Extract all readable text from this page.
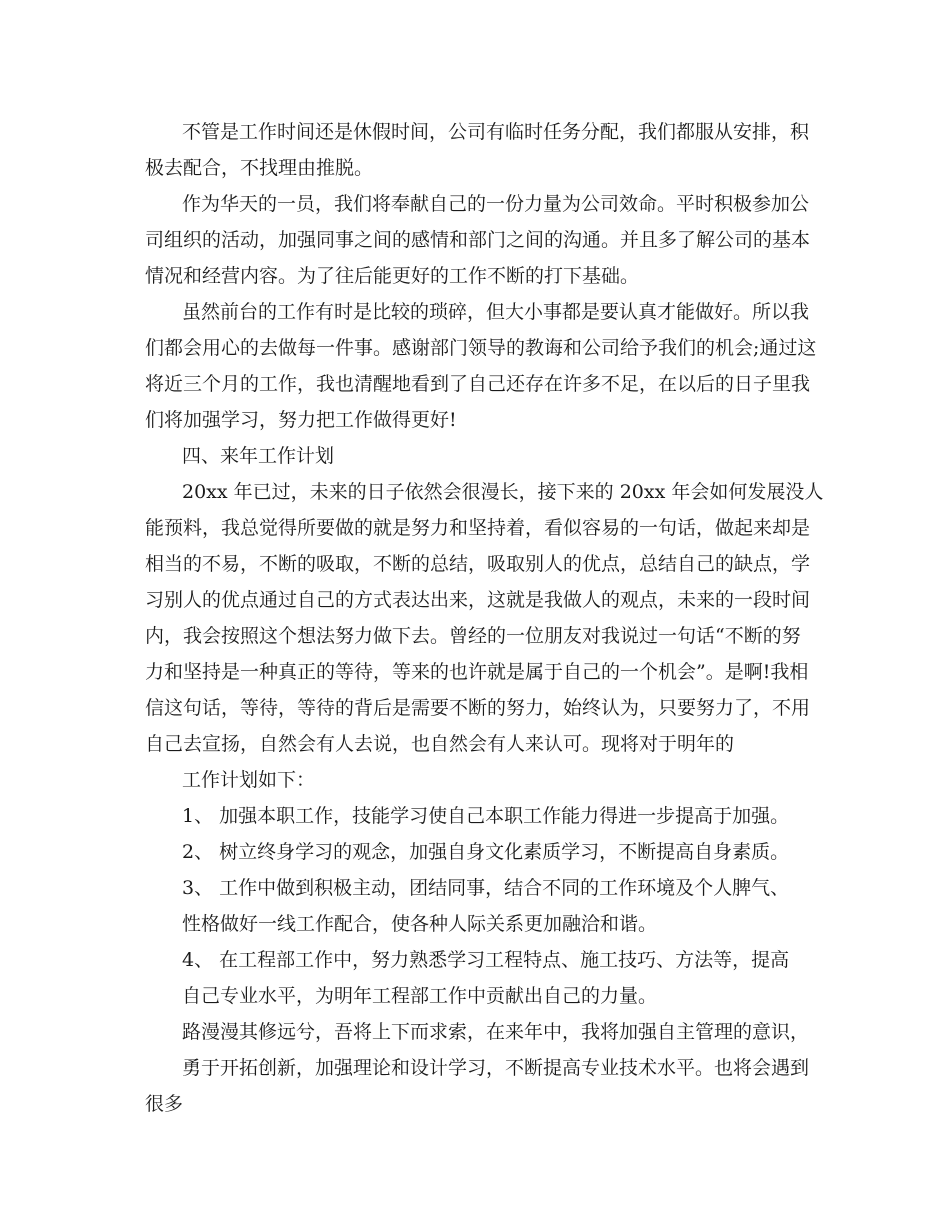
不管是工作时间还是休假时间，公司有临时任务分配，我们都服从安排，积

极去配合，不找理由推脱。

作为华天的一员，我们将奉献自己的一份力量为公司效命。平时积极参加公

司组织的活动，加强同事之间的感情和部门之间的沟通。并且多了解公司的基本

情况和经营内容。为了往后能更好的工作不断的打下基础。

虽然前台的工作有时是比较的琐碎，但大小事都是要认真才能做好。所以我

们都会用心的去做每一件事。感谢部门领导的教诲和公司给予我们的机会;通过这

将近三个月的工作，我也清醒地看到了自己还存在许多不足，在以后的日子里我

们将加强学习，努力把工作做得更好!

四、来年工作计划

20xx 年已过，未来的日子依然会很漫长，接下来的 20xx 年会如何发展没人

能预料，我总觉得所要做的就是努力和坚持着，看似容易的一句话，做起来却是

相当的不易，不断的吸取，不断的总结，吸取别人的优点，总结自己的缺点，学

习别人的优点通过自己的方式表达出来，这就是我做人的观点，未来的一段时间

内，我会按照这个想法努力做下去。曾经的一位朋友对我说过一句话“不断的努

力和坚持是一种真正的等待，等来的也许就是属于自己的一个机会”。是啊!我相

信这句话，等待，等待的背后是需要不断的努力，始终认为，只要努力了，不用

自己去宣扬，自然会有人去说，也自然会有人来认可。现将对于明年的

工作计划如下：

1、 加强本职工作，技能学习使自己本职工作能力得进一步提高于加强。

2、 树立终身学习的观念，加强自身文化素质学习，不断提高自身素质。

3、 工作中做到积极主动，团结同事，结合不同的工作环境及个人脾气、

性格做好一线工作配合，使各种人际关系更加融洽和谐。

4、 在工程部工作中，努力熟悉学习工程特点、施工技巧、方法等，提高

自己专业水平，为明年工程部工作中贡献出自己的力量。

路漫漫其修远兮，吾将上下而求索，在来年中，我将加强自主管理的意识，

勇于开拓创新，加强理论和设计学习，不断提高专业技术水平。也将会遇到

很多
